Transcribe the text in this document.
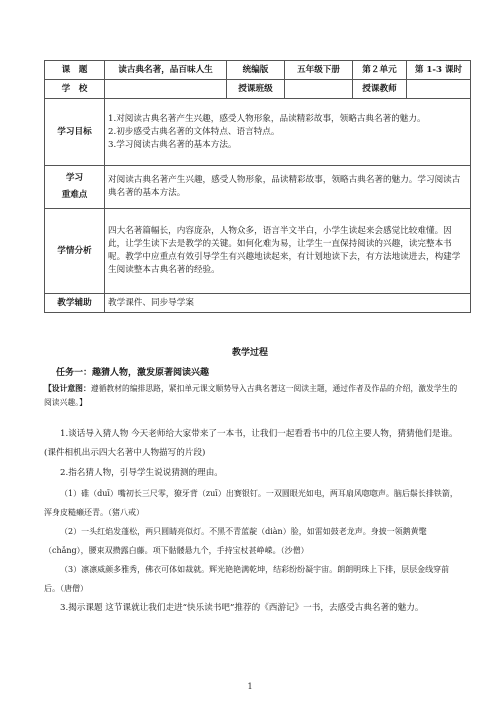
课　题	读古典名著，品百味人生	统编版	五年级下册	第２单元	第 1-3 课时
学　校		授课班级		授课教师	
学习目标	1.对阅读古典名著产生兴趣，感受人物形象，品读精彩故事，领略古典名著的魅力。
2.初步感受古典名著的文体特点、语言特点。
3.学习阅读古典名著的基本方法。				

学习
重难点	对阅读古典名著产生兴趣，感受人物形象，品读精彩故事，领略古典名著的魅力。学习阅读古典名著的基本方法。				
学情分析	四大名著篇幅长，内容庞杂，人物众多，语言半文半白，小学生读起来会感觉比较难懂。因此，让学生读下去是教学的关键。如何化难为易，让学生一直保持阅读的兴趣，读完整本书呢。教学中应重点有效引导学生有兴趣地读起来，有计划地读下去，有方法地读进去，构建学生阅读整本古典名著的经验。				
教学辅助	教学课件、同步导学案				
教学过程
任务一：趣猜人物，激发原著阅读兴趣
【设计意图：遵循教材的编排思路，紧扣单元课文顺势导入古典名著这一阅读主题，通过作者及作品的介绍，激发学生的阅读兴趣。】
1.谈话导入猜人物 今天老师给大家带来了一本书，让我们一起看看书中的几位主要人物，猜猜他们是谁。(课件相机出示四大名著中人物描写的片段)
2.指名猜人物，引导学生说说猜测的理由。
（1）碓（duī）嘴初长三尺零，獠牙背（zuī）出赛银钉。一双圆眼光如电，两耳扇风唿唿声。脑后鬃长排铁箭，浑身皮糙癞还青。（猪八戒）
（2）一头红焰发蓬松，两只圆睛亮似灯。不黑不青蓝靛（diàn）脸，如雷如鼓老龙声。身披一领鹅黄氅（chǎng），腰束双攒露白藤。项下骷髅悬九个，手持宝杖甚峥嵘。（沙僧）
（3）凛凛威颜多雅秀，佛衣可体如裁就。辉光艳艳满乾坤，结彩纷纷凝宇宙。朗朗明珠上下排，层层金线穿前后。（唐僧）
3.揭示课题 这节课就让我们走进“快乐读书吧”推荐的《西游记》一书，去感受古典名著的魅力。
1
